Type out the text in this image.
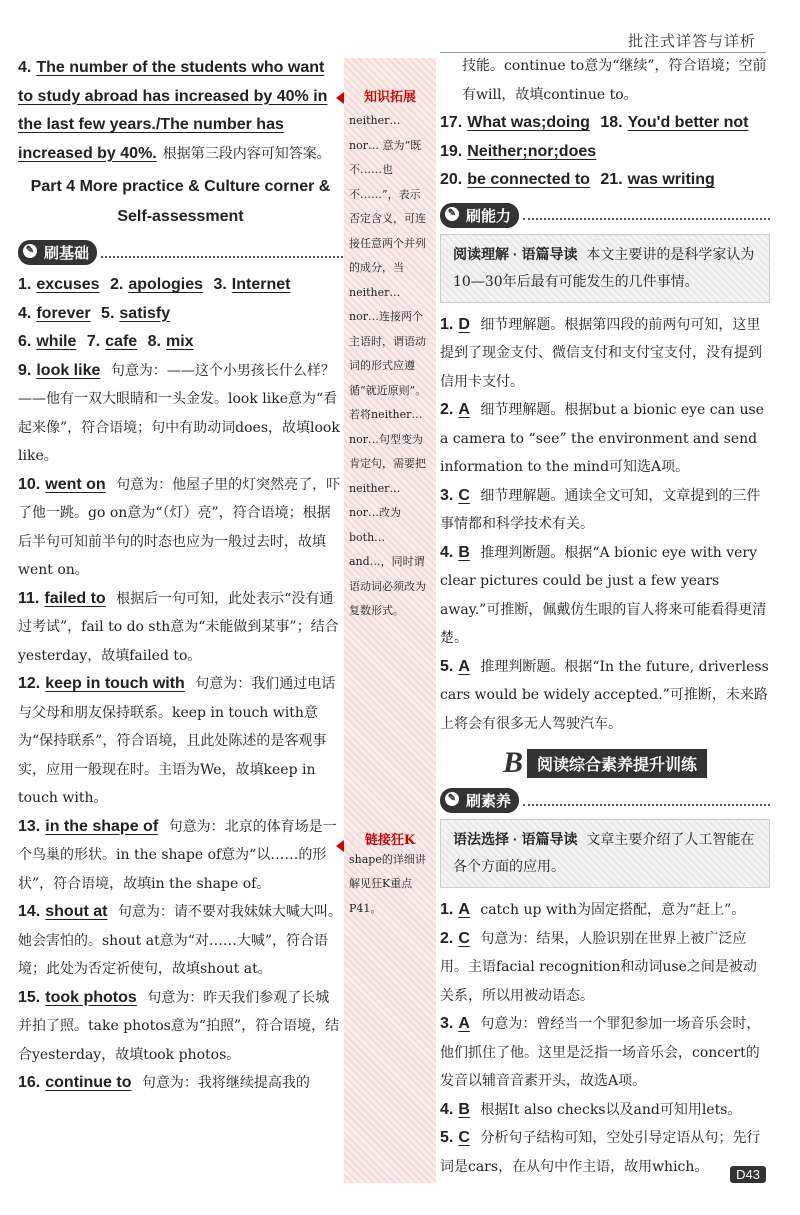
批注式详答与详析

4. The number of the students who want to study abroad has increased by 40% in the last few years./The number has increased by 40%. 根据第三段内容可知答案。

Part 4 More practice & Culture corner & Self-assessment
✎ 刷基础

1. excuses 2. apologies 3. Internet

4. forever 5. satisfy

6. while 7. cafe 8. mix

9. look like 句意为：——这个小男孩长什么样？——他有一双大眼睛和一头金发。look like意为“看起来像”，符合语境；句中有助动词does，故填look like。

10. went on 句意为：他屋子里的灯突然亮了，吓了他一跳。go on意为“（灯）亮”，符合语境；根据后半句可知前半句的时态也应为一般过去时，故填went on。

11. failed to 根据后一句可知，此处表示“没有通过考试”，fail to do sth意为“未能做到某事”；结合yesterday，故填failed to。

12. keep in touch with 句意为：我们通过电话与父母和朋友保持联系。keep in touch with意为“保持联系”，符合语境，且此处陈述的是客观事实，应用一般现在时。主语为We，故填keep in touch with。

13. in the shape of 句意为：北京的体育场是一个鸟巢的形状。in the shape of意为“以……的形状”，符合语境，故填in the shape of。

14. shout at 句意为：请不要对我妹妹大喊大叫。她会害怕的。shout at意为“对……大喊”，符合语境；此处为否定祈使句，故填shout at。

15. took photos 句意为：昨天我们参观了长城并拍了照。take photos意为“拍照”，符合语境，结合yesterday，故填took photos。

16. continue to 句意为：我将继续提高我的

知识拓展

neither… nor… 意为“既不……也不……”，表示否定含义，可连接任意两个并列的成分，当neither… nor…连接两个主语时，谓语动词的形式应遵循“就近原则”。若将neither… nor…句型变为肯定句，需要把neither… nor…改为both… and…，同时谓语动词必须改为复数形式。

链接狂K

shape的详细讲解见狂K重点P41。

技能。continue to意为“继续”，符合语境；空前有will，故填continue to。

17. What was;doing 18. You'd better not

19. Neither;nor;does

20. be connected to 21. was writing

✎ 刷能力
阅读理解 · 语篇导读 本文主要讲的是科学家认为10—30年后最有可能发生的几件事情。

1. D 细节理解题。根据第四段的前两句可知，这里提到了现金支付、微信支付和支付宝支付，没有提到信用卡支付。

2. A 细节理解题。根据but a bionic eye can use a camera to “see” the environment and send information to the mind可知选A项。

3. C 细节理解题。通读全文可知，文章提到的三件事情都和科学技术有关。

4. B 推理判断题。根据“A bionic eye with very clear pictures could be just a few years away.”可推断，佩戴仿生眼的盲人将来可能看得更清楚。

5. A 推理判断题。根据“In the future, driverless cars would be widely accepted.”可推断，未来路上将会有很多无人驾驶汽车。

B 阅读综合素养提升训练
✎ 刷素养
语法选择 · 语篇导读 文章主要介绍了人工智能在各个方面的应用。

1. A catch up with为固定搭配，意为“赶上”。

2. C 句意为：结果，人脸识别在世界上被广泛应用。主语facial recognition和动词use之间是被动关系，所以用被动语态。

3. A 句意为：曾经当一个罪犯参加一场音乐会时，他们抓住了他。这里是泛指一场音乐会，concert的发音以辅音音素开头，故选A项。

4. B 根据It also checks以及and可知用lets。

5. C 分析句子结构可知，空处引导定语从句；先行词是cars，在从句中作主语，故用which。	D43
